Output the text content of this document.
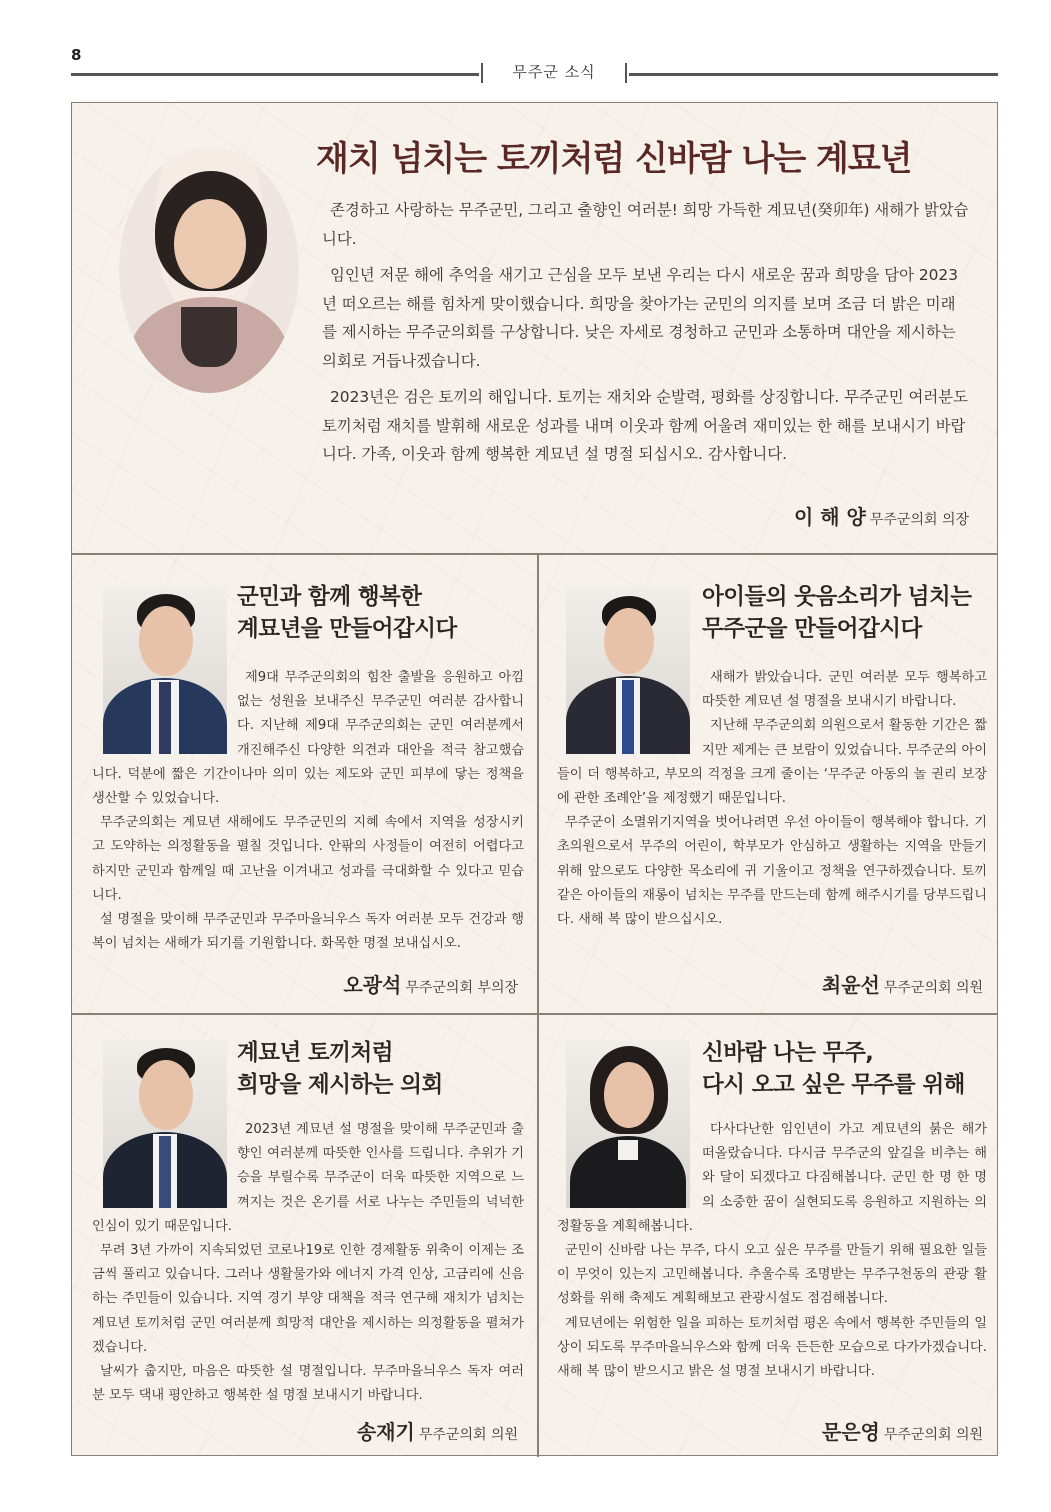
8
무주군 소식
재치 넘치는 토끼처럼 신바람 나는 계묘년

존경하고 사랑하는 무주군민, 그리고 출향인 여러분! 희망 가득한 계묘년(癸卯年) 새해가 밝았습니다.

임인년 저문 해에 추억을 새기고 근심을 모두 보낸 우리는 다시 새로운 꿈과 희망을 담아 2023년 떠오르는 해를 힘차게 맞이했습니다. 희망을 찾아가는 군민의 의지를 보며 조금 더 밝은 미래를 제시하는 무주군의회를 구상합니다. 낮은 자세로 경청하고 군민과 소통하며 대안을 제시하는 의회로 거듭나겠습니다.

2023년은 검은 토끼의 해입니다. 토끼는 재치와 순발력, 평화를 상징합니다. 무주군민 여러분도 토끼처럼 재치를 발휘해 새로운 성과를 내며 이웃과 함께 어울려 재미있는 한 해를 보내시기 바랍니다. 가족, 이웃과 함께 행복한 계묘년 설 명절 되십시오. 감사합니다.

이 해 양 무주군의회 의장
군민과 함께 행복한
계묘년을 만들어갑시다

제9대 무주군의회의 힘찬 출발을 응원하고 아낌없는 성원을 보내주신 무주군민 여러분 감사합니다. 지난해 제9대 무주군의회는 군민 여러분께서 개진해주신 다양한 의견과 대안을 적극 참고했습니다. 덕분에 짧은 기간이나마 의미 있는 제도와 군민 피부에 닿는 정책을 생산할 수 있었습니다.

무주군의회는 계묘년 새해에도 무주군민의 지혜 속에서 지역을 성장시키고 도약하는 의정활동을 펼칠 것입니다. 안팎의 사정들이 여전히 어렵다고 하지만 군민과 함께일 때 고난을 이겨내고 성과를 극대화할 수 있다고 믿습니다.

설 명절을 맞이해 무주군민과 무주마을늬우스 독자 여러분 모두 건강과 행복이 넘치는 새해가 되기를 기원합니다. 화목한 명절 보내십시오.

오광석 무주군의회 부의장
아이들의 웃음소리가 넘치는
무주군을 만들어갑시다

새해가 밝았습니다. 군민 여러분 모두 행복하고 따뜻한 계묘년 설 명절을 보내시기 바랍니다.

지난해 무주군의회 의원으로서 활동한 기간은 짧지만 제게는 큰 보람이 있었습니다. 무주군의 아이들이 더 행복하고, 부모의 걱정을 크게 줄이는 ‘무주군 아동의 놀 권리 보장에 관한 조례안’을 제정했기 때문입니다.

무주군이 소멸위기지역을 벗어나려면 우선 아이들이 행복해야 합니다. 기초의원으로서 무주의 어린이, 학부모가 안심하고 생활하는 지역을 만들기 위해 앞으로도 다양한 목소리에 귀 기울이고 정책을 연구하겠습니다. 토끼 같은 아이들의 재롱이 넘치는 무주를 만드는데 함께 해주시기를 당부드립니다. 새해 복 많이 받으십시오.

최윤선 무주군의회 의원
계묘년 토끼처럼
희망을 제시하는 의회

2023년 계묘년 설 명절을 맞이해 무주군민과 출향인 여러분께 따뜻한 인사를 드립니다. 추위가 기승을 부릴수록 무주군이 더욱 따뜻한 지역으로 느껴지는 것은 온기를 서로 나누는 주민들의 넉넉한 인심이 있기 때문입니다.

무려 3년 가까이 지속되었던 코로나19로 인한 경제활동 위축이 이제는 조금씩 풀리고 있습니다. 그러나 생활물가와 에너지 가격 인상, 고금리에 신음하는 주민들이 있습니다. 지역 경기 부양 대책을 적극 연구해 재치가 넘치는 계묘년 토끼처럼 군민 여러분께 희망적 대안을 제시하는 의정활동을 펼쳐가겠습니다.

날씨가 춥지만, 마음은 따뜻한 설 명절입니다. 무주마을늬우스 독자 여러분 모두 댁내 평안하고 행복한 설 명절 보내시기 바랍니다.

송재기 무주군의회 의원
신바람 나는 무주,
다시 오고 싶은 무주를 위해

다사다난한 임인년이 가고 계묘년의 붉은 해가 떠올랐습니다. 다시금 무주군의 앞길을 비추는 해와 달이 되겠다고 다짐해봅니다. 군민 한 명 한 명의 소중한 꿈이 실현되도록 응원하고 지원하는 의정활동을 계획해봅니다.

군민이 신바람 나는 무주, 다시 오고 싶은 무주를 만들기 위해 필요한 일들이 무엇이 있는지 고민해봅니다. 추울수록 조명받는 무주구천동의 관광 활성화를 위해 축제도 계획해보고 관광시설도 점검해봅니다.

계묘년에는 위험한 일을 피하는 토끼처럼 평온 속에서 행복한 주민들의 일상이 되도록 무주마을늬우스와 함께 더욱 든든한 모습으로 다가가겠습니다. 새해 복 많이 받으시고 밝은 설 명절 보내시기 바랍니다.

문은영 무주군의회 의원
